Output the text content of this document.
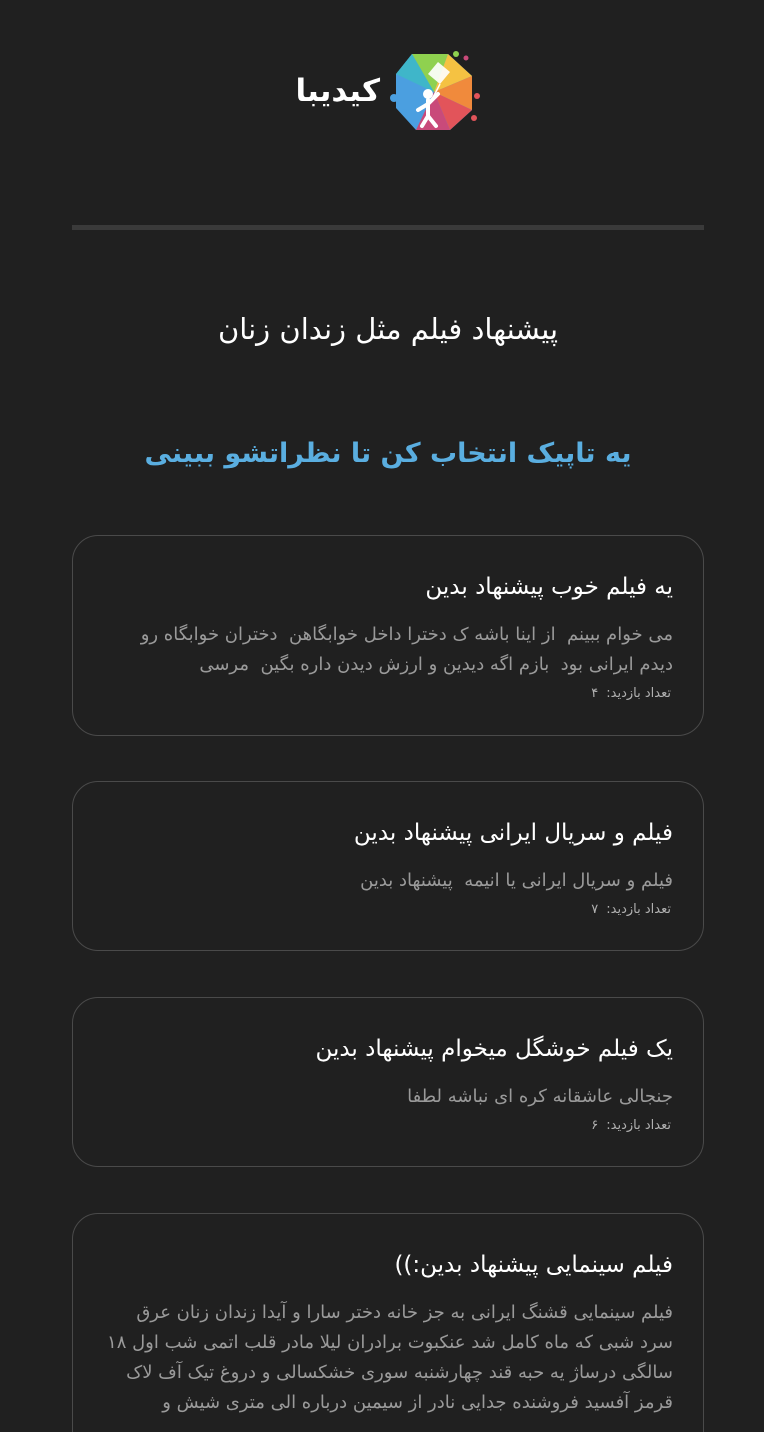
کیدیبا
پیشنهاد فیلم مثل زندان زنان
یه تاپیک انتخاب کن تا نظراتشو ببینی
یه فیلم خوب پیشنهاد بدین
می خوام ببینم  از اینا باشه ک دخترا داخل خوابگاهن  دختران خوابگاه رو دیدم ایرانی بود  بازم اگه دیدین و ارزش دیدن داره بگین  مرسی
تعداد بازدید:۴
فیلم و سریال ایرانی پیشنهاد بدین
فیلم و سریال ایرانی یا انیمه  پیشنهاد بدین
تعداد بازدید:۷
یک فیلم خوشگل میخوام پیشنهاد بدین
جنجالی عاشقانه کره ای نباشه لطفا
تعداد بازدید:۶
فیلم سینمایی پیشنهاد بدین:))
فیلم سینمایی قشنگ ایرانی به جز خانه دختر سارا و آیدا زندان زنان عرق سرد شبی که ماه کامل شد عنکبوت برادران لیلا مادر قلب اتمی شب اول ۱۸ سالگی درساژ یه حبه قند چهارشنبه سوری خشکسالی و دروغ تیک آف لاک قرمز آفسید فروشنده جدایی نادر از سیمین درباره الی متری شیش و
